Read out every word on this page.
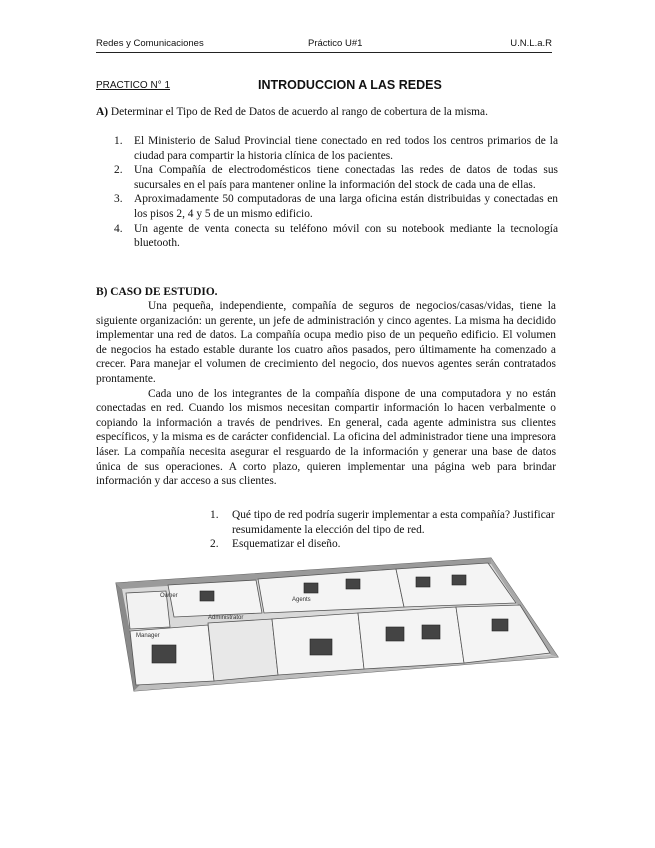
Redes y Comunicaciones	Práctico U#1	U.N.L.a.R
PRACTICO N° 1	INTRODUCCION A LAS REDES
A) Determinar el Tipo de Red de Datos de acuerdo al rango de cobertura de la misma.
1. El Ministerio de Salud Provincial tiene conectado en red todos los centros primarios de la ciudad para compartir la historia clínica de los pacientes.
2. Una Compañía de electrodomésticos tiene conectadas las redes de datos de todas sus sucursales en el país para mantener online la información del stock de cada una de ellas.
3. Aproximadamente 50 computadoras de una larga oficina están distribuidas y conectadas en los pisos 2, 4 y 5 de un mismo edificio.
4. Un agente de venta conecta su teléfono móvil con su notebook mediante la tecnología bluetooth.
B) CASO DE ESTUDIO.

Una pequeña, independiente, compañía de seguros de negocios/casas/vidas, tiene la siguiente organización: un gerente, un jefe de administración y cinco agentes. La misma ha decidido implementar una red de datos. La compañía ocupa medio piso de un pequeño edificio. El volumen de negocios ha estado estable durante los cuatro años pasados, pero últimamente ha comenzado a crecer. Para manejar el volumen de crecimiento del negocio, dos nuevos agentes serán contratados prontamente.

Cada uno de los integrantes de la compañía dispone de una computadora y no están conectadas en red. Cuando los mismos necesitan compartir información lo hacen verbalmente o copiando la información a través de pendrives. En general, cada agente administra sus clientes específicos, y la misma es de carácter confidencial. La oficina del administrador tiene una impresora láser. La compañía necesita asegurar el resguardo de la información y generar una base de datos única de sus operaciones. A corto plazo, quieren implementar una página web para brindar información y dar acceso a sus clientes.

1. Qué tipo de red podría sugerir implementar a esta compañía? Justificar resumidamente la elección del tipo de red.
2. Esquematizar el diseño.
Owner
Agents
Manager
Administrator
